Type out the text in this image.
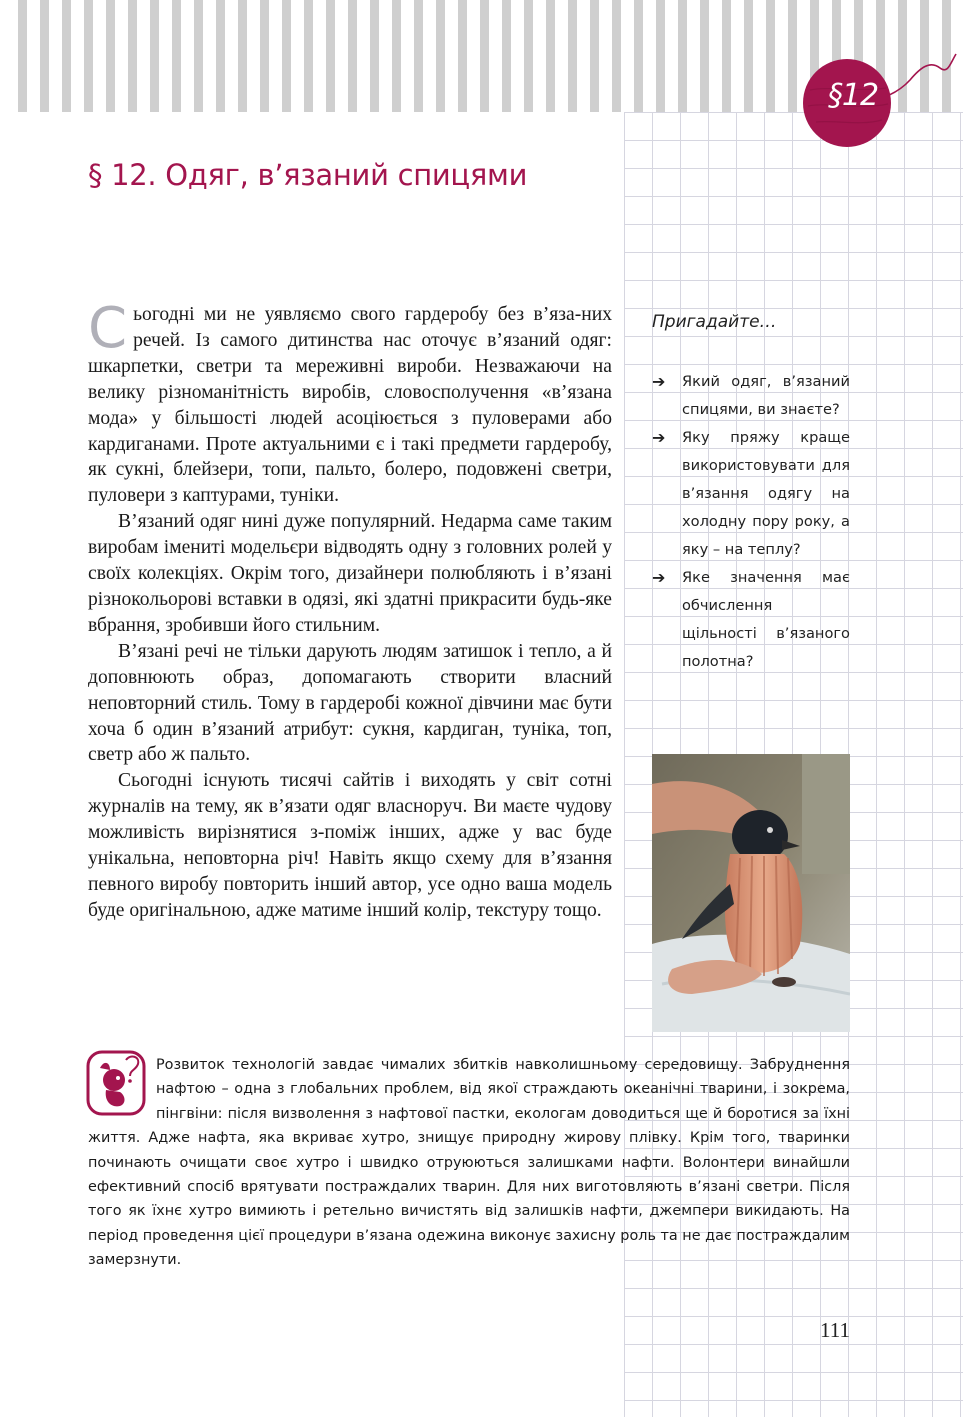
§12
§ 12. Одяг, в’язаний спицями

Сьогодні ми не уявляємо свого гардеробу без в’яза-них речей. Із самого дитинства нас оточує в’язаний одяг: шкарпетки, светри та мереживні вироби. Незважаючи на велику різноманітність виробів, словосполучення «в’язана мода» у більшості людей асоціюється з пуловерами або кардиганами. Проте актуальними є і такі предмети гардеробу, як сукні, блейзери, топи, пальто, болеро, подовжені светри, пуловери з каптурами, туніки.

В’язаний одяг нині дуже популярний. Недарма саме таким виробам імениті модельєри відводять одну з головних ролей у своїх колекціях. Окрім того, дизайнери полюбляють і в’язані різнокольорові вставки в одязі, які здатні прикрасити будь-яке вбрання, зробивши його стильним.

В’язані речі не тільки дарують людям затишок і тепло, а й доповнюють образ, допомагають створити власний неповторний стиль. Тому в гардеробі кожної дівчини має бути хоча б один в’язаний атрибут: сукня, кардиган, туніка, топ, светр або ж пальто.

Сьогодні існують тисячі сайтів і виходять у світ сотні журналів на тему, як в’язати одяг власноруч. Ви маєте чудову можливість вирізнятися з-поміж інших, адже у вас буде унікальна, неповторна річ! Навіть якщо схему для в’язання певного виробу повторить інший автор, усе одно ваша модель буде оригінальною, адже матиме інший колір, текстуру тощо.

Пригадайте…
➔ Який одяг, в’язаний спицями, ви знаєте?
➔ Яку пряжу краще використовувати для в’язання одягу на холодну пору року, а яку – на теплу?
➔ Яке значення має обчислення щільності в’язаного полотна?
Розвиток технологій завдає чималих збитків навколишньому середовищу. Забруднення нафтою – одна з глобальних проблем, від якої страждають океанічні тварини, і зокрема, пінгвіни: після визволення з нафтової пастки, екологам доводиться ще й боротися за їхні життя. Адже нафта, яка вкриває хутро, знищує природну жирову плівку. Крім того, тваринки починають очищати своє хутро і швидко отруюються залишками нафти. Волонтери винайшли ефективний спосіб врятувати постраждалих тварин. Для них виготовляють в’язані светри. Після того як їхнє хутро вимиють і ретельно вичистять від залишків нафти, джемпери викидають. На період проведення цієї процедури в’язана одежина виконує захисну роль та не дає постраждалим замерзнути.
111
